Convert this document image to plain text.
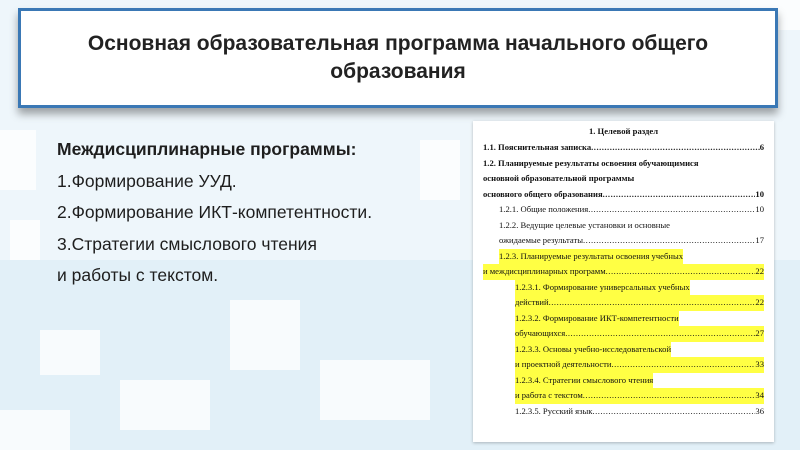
Основная образовательная программа начального общего образования
Междисциплинарные программы:
1.Формирование УУД.
2.Формирование ИКТ-компетентности.
3.Стратегии смыслового чтения
и работы с текстом.
1. Целевой раздел
1.1. Пояснительная записка .....	6
1.2. Планируемые результаты освоения обучающимися
основной образовательной программы
основного общего образования .....	10
1.2.1. Общие положения .....	10
1.2.2. Ведущие целевые установки и основные
ожидаемые результаты .....	17
1.2.3. Планируемые результаты освоения учебных
и междисциплинарных программ .....	22
1.2.3.1. Формирование универсальных учебных
действий .....	22
1.2.3.2. Формирование ИКТ-компетентности
обучающихся .....	27
1.2.3.3. Основы учебно-исследовательской
и проектной деятельности .....	33
1.2.3.4. Стратегии смыслового чтения
и работа с текстом .....	34
1.2.3.5. Русский язык .....	36
